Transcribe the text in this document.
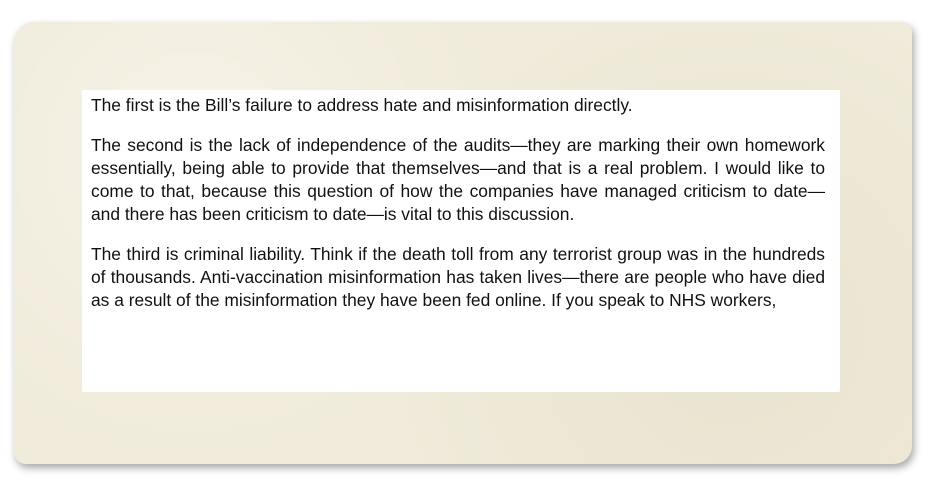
The first is the Bill’s failure to address hate and misinformation directly.

The second is the lack of independence of the audits—they are marking their own homework essentially, being able to provide that themselves—and that is a real problem. I would like to come to that, because this question of how the companies have managed criticism to date—and there has been criticism to date—is vital to this discussion.

The third is criminal liability. Think if the death toll from any terrorist group was in the hundreds of thousands. Anti-vaccination misinformation has taken lives—there are people who have died as a result of the misinformation they have been fed online. If you speak to NHS workers,
